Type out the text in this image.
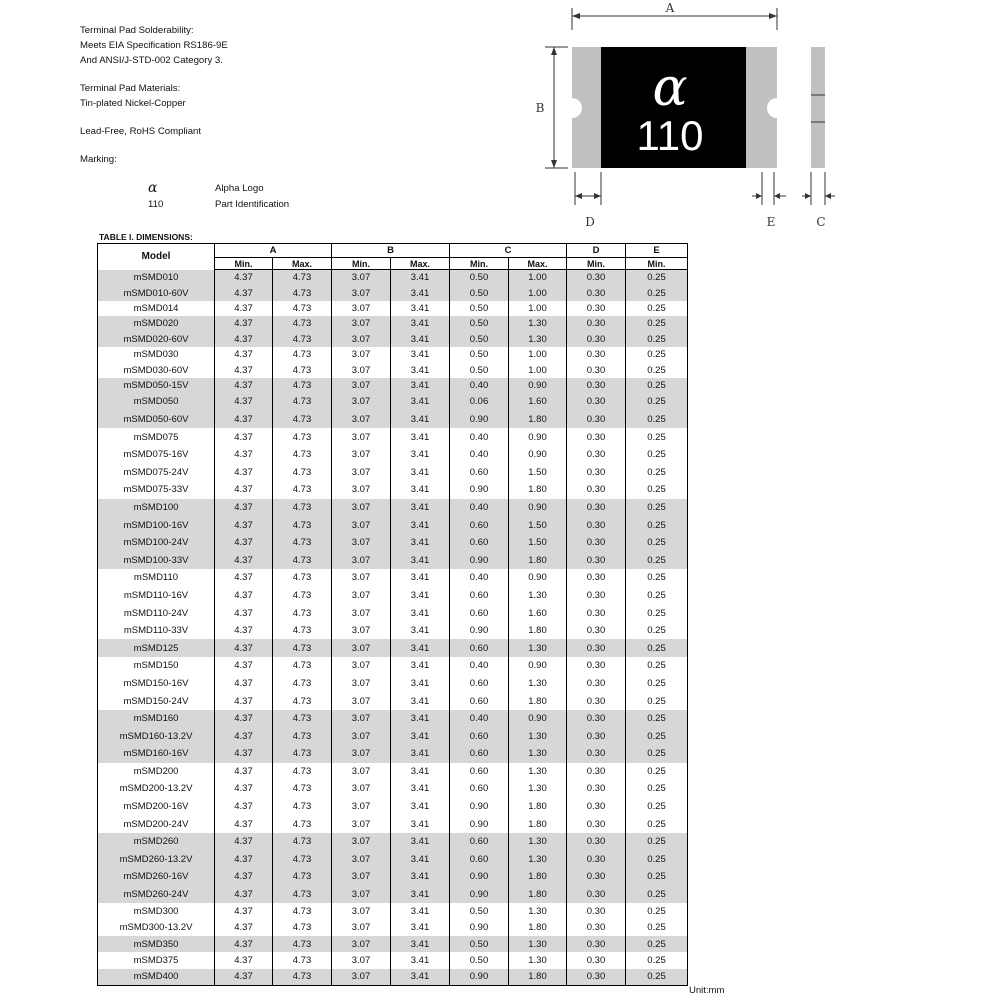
Terminal Pad Solderability:
Meets EIA Specification RS186-9E
And ANSI/J-STD-002 Category 3.
Terminal Pad Materials:
Tin-plated Nickel-Copper
Lead-Free, RoHS Compliant
Marking:
α	Alpha Logo
110	Part Identification
α
110
A
B
D	E	C
TABLE I. DIMENSIONS:
Model	A		B		C		D	E
	Min.	Max.	Min.	Max.	Min.	Max.	Min.	Min.
mSMD010	4.37	4.73	3.07	3.41	0.50	1.00	0.30	0.25
mSMD010-60V	4.37	4.73	3.07	3.41	0.50	1.00	0.30	0.25
mSMD014	4.37	4.73	3.07	3.41	0.50	1.00	0.30	0.25
mSMD020	4.37	4.73	3.07	3.41	0.50	1.30	0.30	0.25
mSMD020-60V	4.37	4.73	3.07	3.41	0.50	1.30	0.30	0.25
mSMD030	4.37	4.73	3.07	3.41	0.50	1.00	0.30	0.25
mSMD030-60V	4.37	4.73	3.07	3.41	0.50	1.00	0.30	0.25
mSMD050-15V	4.37	4.73	3.07	3.41	0.40	0.90	0.30	0.25
mSMD050	4.37	4.73	3.07	3.41	0.06	1.60	0.30	0.25
mSMD050-60V	4.37	4.73	3.07	3.41	0.90	1.80	0.30	0.25
mSMD075	4.37	4.73	3.07	3.41	0.40	0.90	0.30	0.25
mSMD075-16V	4.37	4.73	3.07	3.41	0.40	0.90	0.30	0.25
mSMD075-24V	4.37	4.73	3.07	3.41	0.60	1.50	0.30	0.25
mSMD075-33V	4.37	4.73	3.07	3.41	0.90	1.80	0.30	0.25
mSMD100	4.37	4.73	3.07	3.41	0.40	0.90	0.30	0.25
mSMD100-16V	4.37	4.73	3.07	3.41	0.60	1.50	0.30	0.25
mSMD100-24V	4.37	4.73	3.07	3.41	0.60	1.50	0.30	0.25
mSMD100-33V	4.37	4.73	3.07	3.41	0.90	1.80	0.30	0.25
mSMD110	4.37	4.73	3.07	3.41	0.40	0.90	0.30	0.25
mSMD110-16V	4.37	4.73	3.07	3.41	0.60	1.30	0.30	0.25
mSMD110-24V	4.37	4.73	3.07	3.41	0.60	1.60	0.30	0.25
mSMD110-33V	4.37	4.73	3.07	3.41	0.90	1.80	0.30	0.25
mSMD125	4.37	4.73	3.07	3.41	0.60	1.30	0.30	0.25
mSMD150	4.37	4.73	3.07	3.41	0.40	0.90	0.30	0.25
mSMD150-16V	4.37	4.73	3.07	3.41	0.60	1.30	0.30	0.25
mSMD150-24V	4.37	4.73	3.07	3.41	0.60	1.80	0.30	0.25
mSMD160	4.37	4.73	3.07	3.41	0.40	0.90	0.30	0.25
mSMD160-13.2V	4.37	4.73	3.07	3.41	0.60	1.30	0.30	0.25
mSMD160-16V	4.37	4.73	3.07	3.41	0.60	1.30	0.30	0.25
mSMD200	4.37	4.73	3.07	3.41	0.60	1.30	0.30	0.25
mSMD200-13.2V	4.37	4.73	3.07	3.41	0.60	1.30	0.30	0.25
mSMD200-16V	4.37	4.73	3.07	3.41	0.90	1.80	0.30	0.25
mSMD200-24V	4.37	4.73	3.07	3.41	0.90	1.80	0.30	0.25
mSMD260	4.37	4.73	3.07	3.41	0.60	1.30	0.30	0.25
mSMD260-13.2V	4.37	4.73	3.07	3.41	0.60	1.30	0.30	0.25
mSMD260-16V	4.37	4.73	3.07	3.41	0.90	1.80	0.30	0.25
mSMD260-24V	4.37	4.73	3.07	3.41	0.90	1.80	0.30	0.25
mSMD300	4.37	4.73	3.07	3.41	0.50	1.30	0.30	0.25
mSMD300-13.2V	4.37	4.73	3.07	3.41	0.90	1.80	0.30	0.25
mSMD350	4.37	4.73	3.07	3.41	0.50	1.30	0.30	0.25
mSMD375	4.37	4.73	3.07	3.41	0.50	1.30	0.30	0.25
mSMD400	4.37	4.73	3.07	3.41	0.90	1.80	0.30	0.25
Unit:mm
